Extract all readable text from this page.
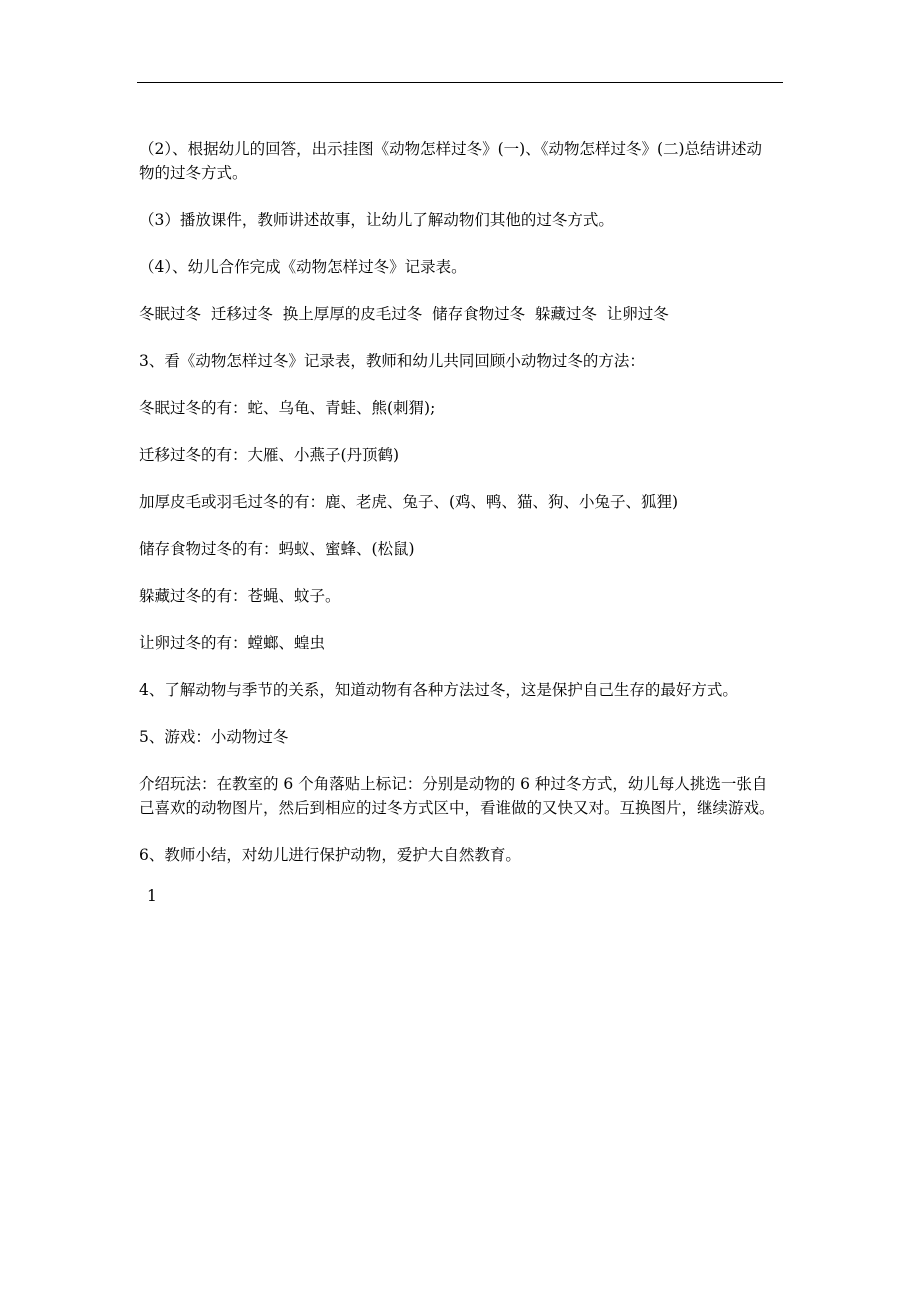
（2）、根据幼儿的回答，出示挂图《动物怎样过冬》(一)、《动物怎样过冬》(二)总结讲述动
物的过冬方式。
（3）播放课件，教师讲述故事，让幼儿了解动物们其他的过冬方式。
（4）、幼儿合作完成《动物怎样过冬》记录表。
冬眠过冬  迁移过冬  换上厚厚的皮毛过冬  储存食物过冬  躲藏过冬  让卵过冬
3、看《动物怎样过冬》记录表，教师和幼儿共同回顾小动物过冬的方法：
冬眠过冬的有：蛇、乌龟、青蛙、熊(刺猬);
迁移过冬的有：大雁、小燕子(丹顶鹤)
加厚皮毛或羽毛过冬的有：鹿、老虎、兔子、(鸡、鸭、猫、狗、小兔子、狐狸)
储存食物过冬的有：蚂蚁、蜜蜂、(松鼠)
躲藏过冬的有：苍蝇、蚊子。
让卵过冬的有：螳螂、蝗虫
4、了解动物与季节的关系，知道动物有各种方法过冬，这是保护自己生存的最好方式。
5、游戏：小动物过冬
介绍玩法：在教室的 6 个角落贴上标记：分别是动物的 6 种过冬方式，幼儿每人挑选一张自
己喜欢的动物图片，然后到相应的过冬方式区中，看谁做的又快又对。互换图片，继续游戏。
6、教师小结，对幼儿进行保护动物，爱护大自然教育。
1
